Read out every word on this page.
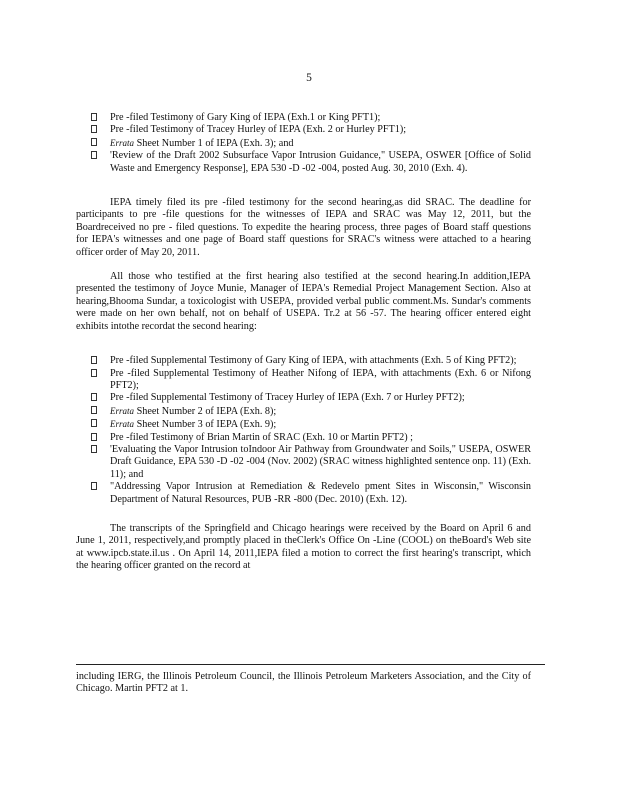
5
Pre -filed Testimony of Gary King of IEPA (Exh.1 or King PFT1);
Pre -filed Testimony of Tracey Hurley of IEPA (Exh. 2 or Hurley PFT1);
Errata Sheet Number 1 of IEPA (Exh. 3); and
'Review of the Draft 2002 Subsurface Vapor Intrusion Guidance," USEPA, OSWER [Office of Solid Waste and Emergency Response], EPA 530 -D -02 -004, posted Aug. 30, 2010 (Exh. 4).

IEPA timely filed its pre -filed testimony for the second hearing,as did SRAC. The deadline for participants to pre -file questions for the witnesses of IEPA and SRAC was May 12, 2011, but the Boardreceived no pre - filed questions. To expedite the hearing process, three pages of Board staff questions for IEPA's witnesses and one page of Board staff questions for SRAC's witness were attached to a hearing officer order of May 20, 2011.

All those who testified at the first hearing also testified at the second hearing.In addition,IEPA presented the testimony of Joyce Munie, Manager of IEPA's Remedial Project Management Section. Also at hearing,Bhooma Sundar, a toxicologist with USEPA, provided verbal public comment.Ms. Sundar's comments were made on her own behalf, not on behalf of USEPA. Tr.2 at 56 -57. The hearing officer entered eight exhibits intothe recordat the second hearing:

Pre -filed Supplemental Testimony of Gary King of IEPA, with attachments (Exh. 5 of King PFT2);
Pre -filed Supplemental Testimony of Heather Nifong of IEPA, with attachments (Exh. 6 or Nifong PFT2);
Pre -filed Supplemental Testimony of Tracey Hurley of IEPA (Exh. 7 or Hurley PFT2);
Errata Sheet Number 2 of IEPA (Exh. 8);
Errata Sheet Number 3 of IEPA (Exh. 9);
Pre -filed Testimony of Brian Martin of SRAC (Exh. 10 or Martin PFT2) ;
'Evaluating the Vapor Intrusion toIndoor Air Pathway from Groundwater and Soils," USEPA, OSWER Draft Guidance, EPA 530 -D -02 -004 (Nov. 2002) (SRAC witness highlighted sentence onp. 11) (Exh. 11); and
"Addressing Vapor Intrusion at Remediation & Redevelo pment Sites in Wisconsin," Wisconsin Department of Natural Resources, PUB -RR -800 (Dec. 2010) (Exh. 12).

The transcripts of the Springfield and Chicago hearings were received by the Board on April 6 and June 1, 2011, respectively,and promptly placed in theClerk's Office On -Line (COOL) on theBoard's Web site at www.ipcb.state.il.us . On April 14, 2011,IEPA filed a motion to correct the first hearing's transcript, which the hearing officer granted on the record at

including IERG, the Illinois Petroleum Council, the Illinois Petroleum Marketers Association, and the City of Chicago. Martin PFT2 at 1.
